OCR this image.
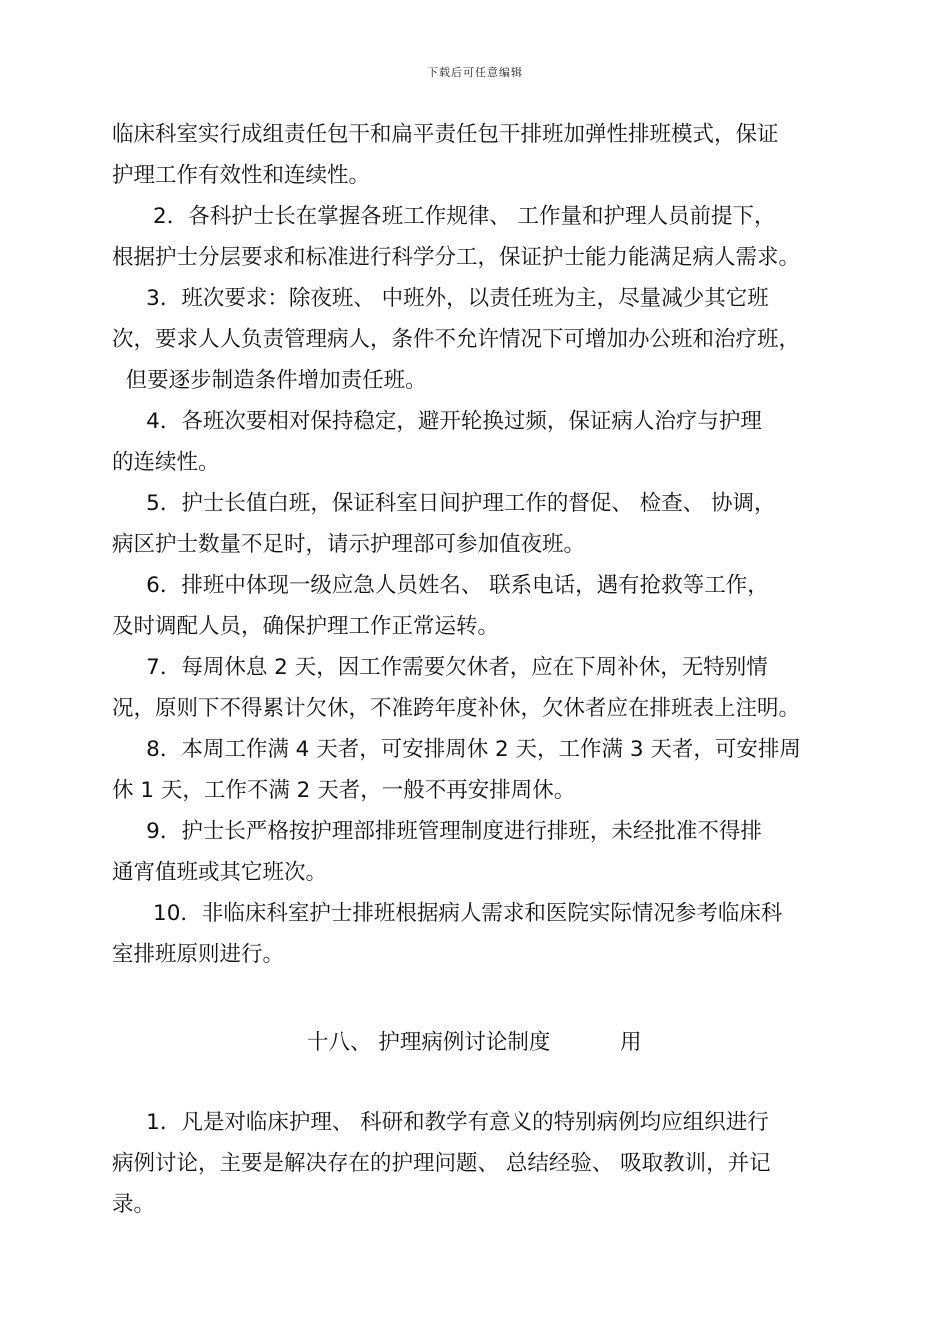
下载后可任意编辑

临床科室实行成组责任包干和扁平责任包干排班加弹性排班模式，保证

护理工作有效性和连续性。

2．各科护士长在掌握各班工作规律、 工作量和护理人员前提下，

根据护士分层要求和标准进行科学分工，保证护士能力能满足病人需求。

3．班次要求：除夜班、 中班外，以责任班为主，尽量减少其它班

次，要求人人负责管理病人，条件不允许情况下可增加办公班和治疗班，

但要逐步制造条件增加责任班。

4．各班次要相对保持稳定，避开轮换过频，保证病人治疗与护理

的连续性。

5．护士长值白班，保证科室日间护理工作的督促、 检查、 协调，

病区护士数量不足时，请示护理部可参加值夜班。

6．排班中体现一级应急人员姓名、 联系电话，遇有抢救等工作，

及时调配人员，确保护理工作正常运转。

7．每周休息 2 天，因工作需要欠休者，应在下周补休，无特别情

况，原则下不得累计欠休，不准跨年度补休，欠休者应在排班表上注明。

8．本周工作满 4 天者，可安排周休 2 天，工作满 3 天者，可安排周

休 1 天，工作不满 2 天者，一般不再安排周休。

9．护士长严格按护理部排班管理制度进行排班，未经批准不得排

通宵值班或其它班次。

10．非临床科室护士排班根据病人需求和医院实际情况参考临床科

室排班原则进行。

十八、 护理病例讨论制度	用

1．凡是对临床护理、 科研和教学有意义的特别病例均应组织进行

病例讨论，主要是解决存在的护理问题、 总结经验、 吸取教训，并记

录。
